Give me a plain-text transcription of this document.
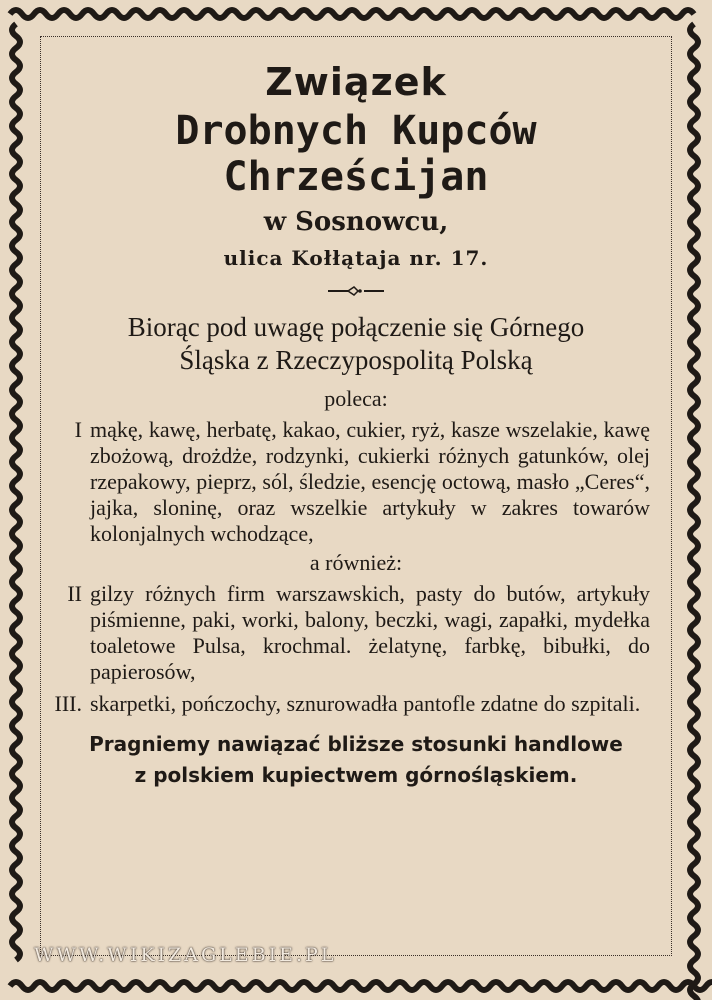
Związek
Drobnych Kupców Chrześcijan
w Sosnowcu,
ulica Kołłątaja nr. 17.
Biorąc pod uwagę połączenie się Górnego
Śląska z Rzeczypospolitą Polską
poleca:
I mąkę, kawę, herbatę, kakao, cukier, ryż, kasze wszelakie, kawę zbożową, drożdże, rodzynki, cukierki różnych gatunków, olej rzepakowy, pieprz, sól, śledzie, esencję octową, masło „Ceres“, jajka, sloninę, oraz wszelkie artykuły w zakres towarów kolonjalnych wchodzące,
a również:
II gilzy różnych firm warszawskich, pasty do butów, artykuły piśmienne, paki, worki, balony, beczki, wagi, zapałki, mydełka toaletowe Pulsa, krochmal. żelatynę, farbkę, bibułki, do papierosów,
III. skarpetki, pończochy, sznurowadła pantofle zdatne do szpitali.
Pragniemy nawiązać bliższe stosunki handlowe
z polskiem kupiectwem górnośląskiem.
WWW.WIKIZAGLEBIE.PL
